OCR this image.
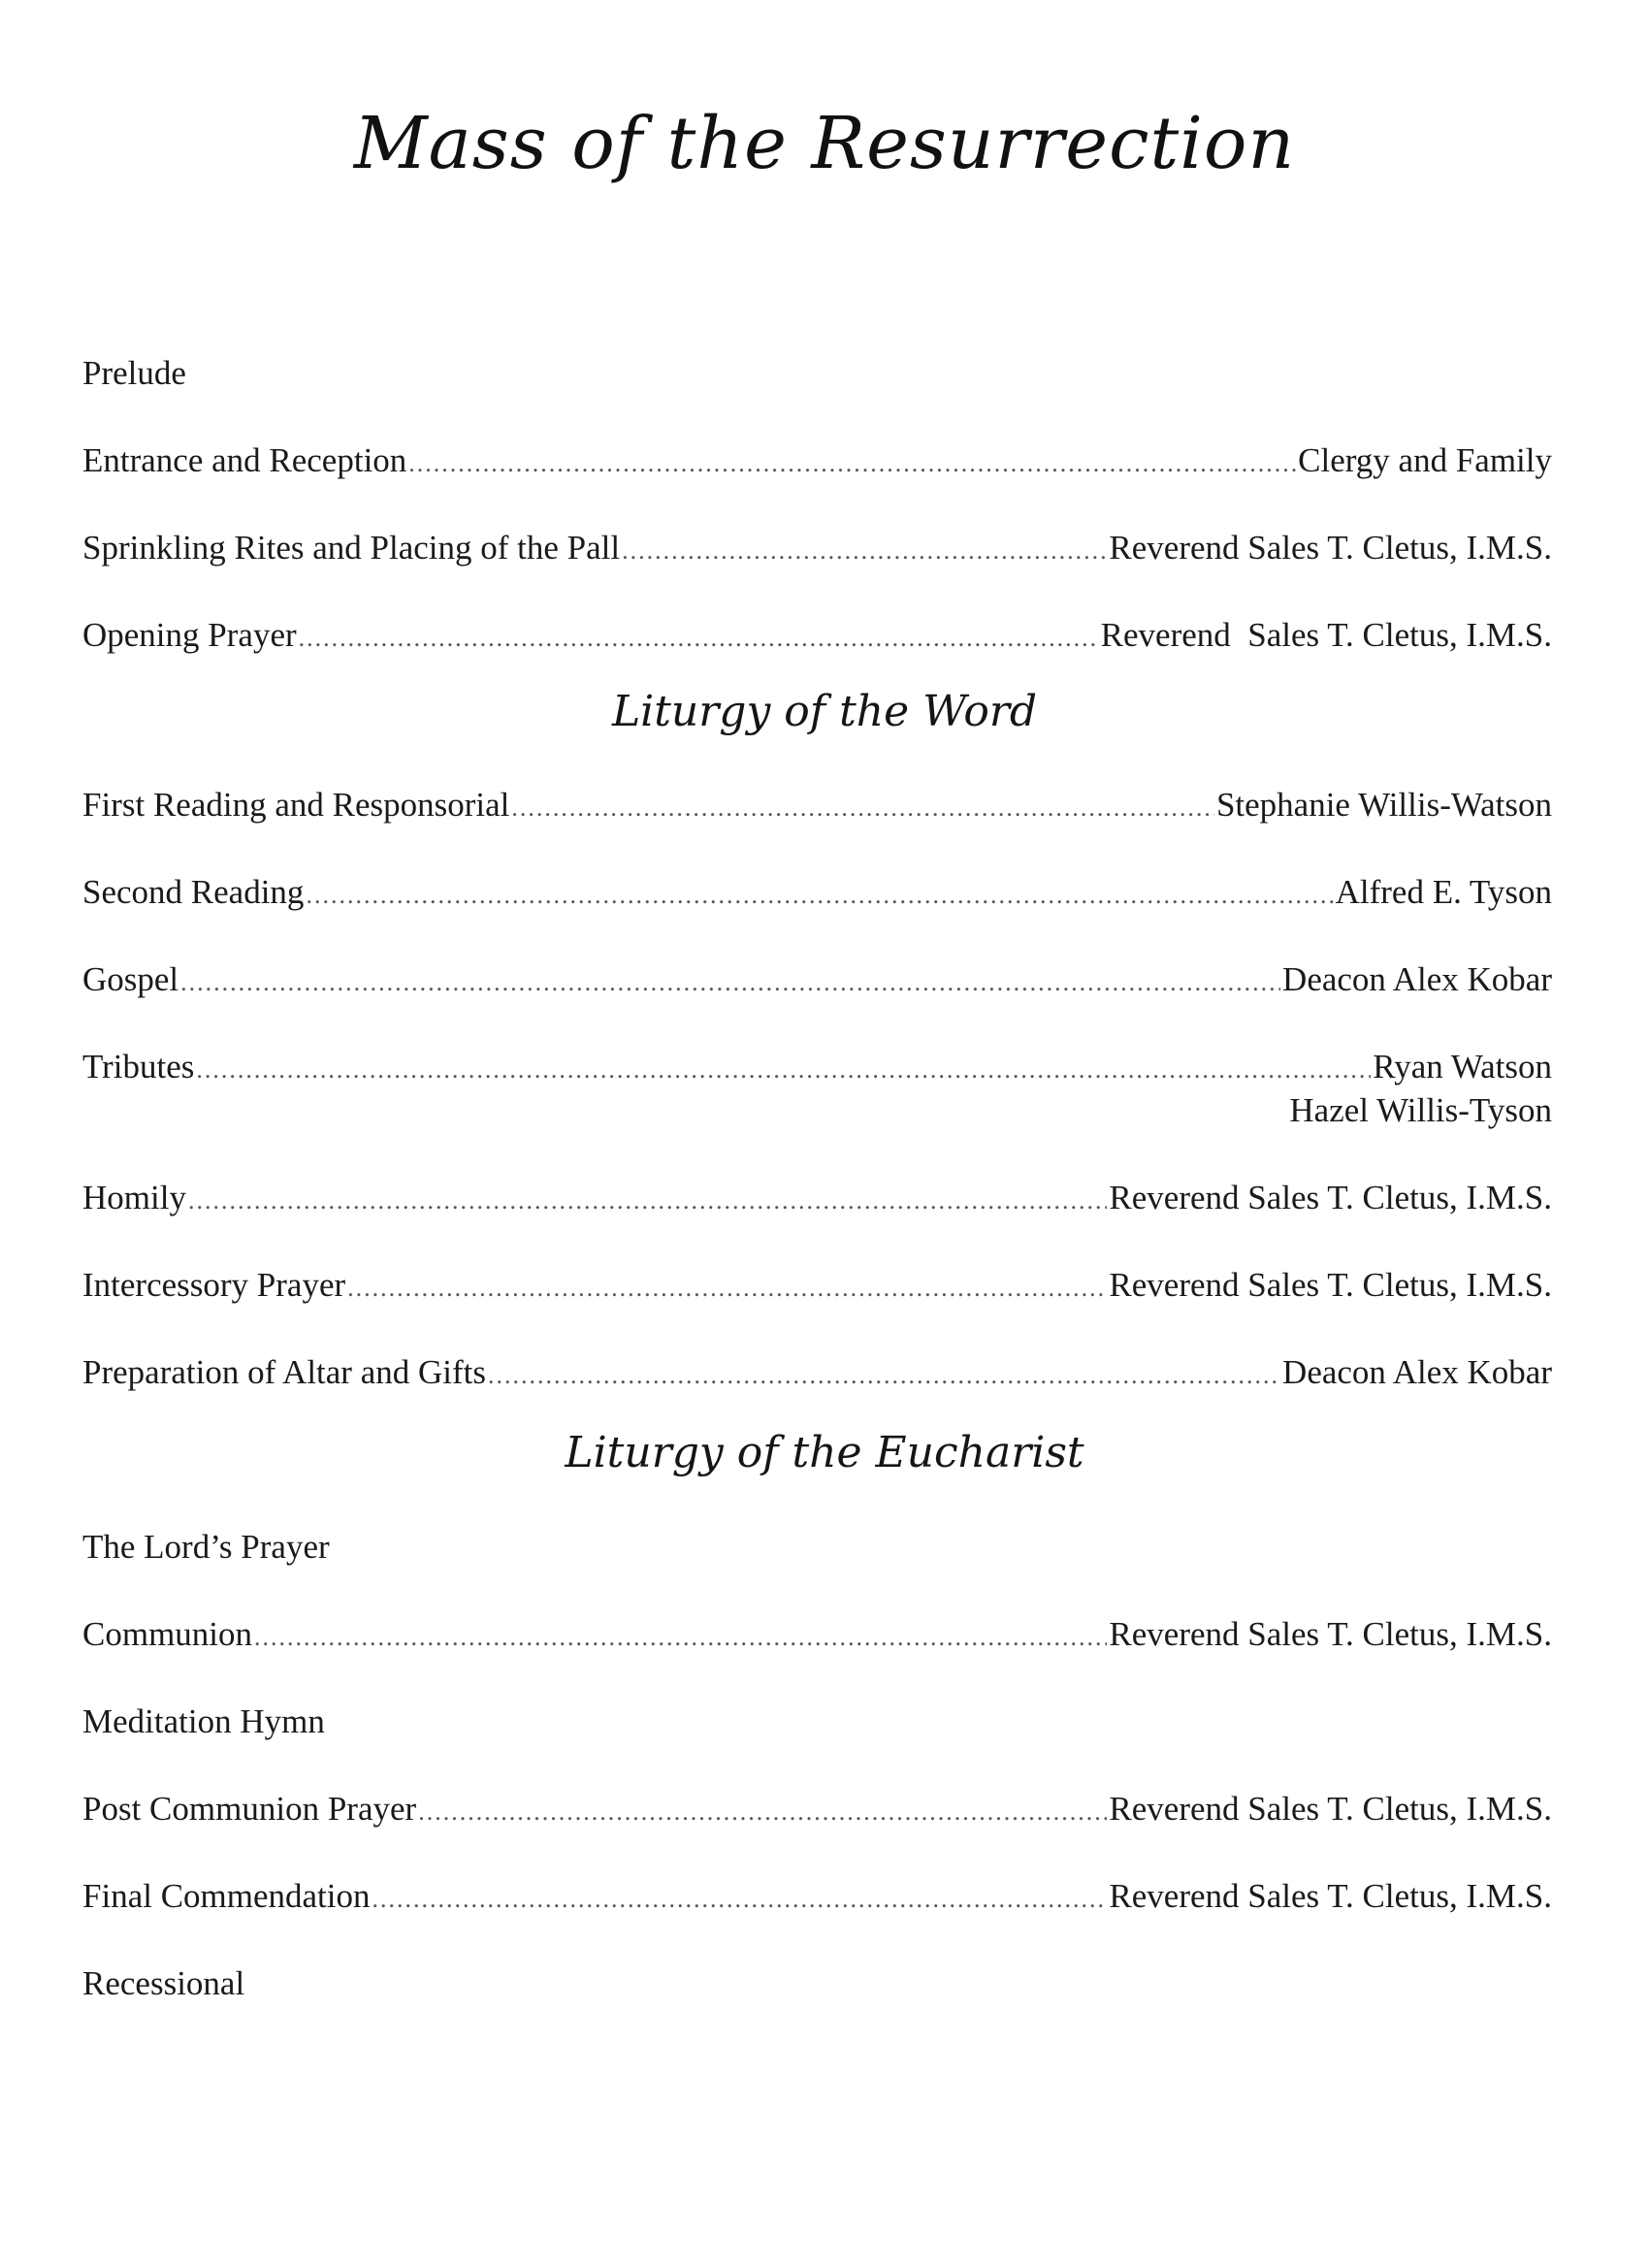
Mass of the Resurrection
Prelude
Entrance and Reception .....	Clergy and Family
Sprinkling Rites and Placing of the Pall .....	Reverend Sales T. Cletus, I.M.S.
Opening Prayer .....	Reverend  Sales T. Cletus, I.M.S.
Liturgy of the Word
First Reading and Responsorial .....	Stephanie Willis-Watson
Second Reading .....	Alfred E. Tyson
Gospel .....	Deacon Alex Kobar
Tributes .....	Ryan Watson
Hazel Willis-Tyson
Homily .....	Reverend Sales T. Cletus, I.M.S.
Intercessory Prayer .....	Reverend Sales T. Cletus, I.M.S.
Preparation of Altar and Gifts .....	Deacon Alex Kobar
Liturgy of the Eucharist
The Lord’s Prayer
Communion .....	Reverend Sales T. Cletus, I.M.S.
Meditation Hymn
Post Communion Prayer .....	Reverend Sales T. Cletus, I.M.S.
Final Commendation .....	Reverend Sales T. Cletus, I.M.S.
Recessional
